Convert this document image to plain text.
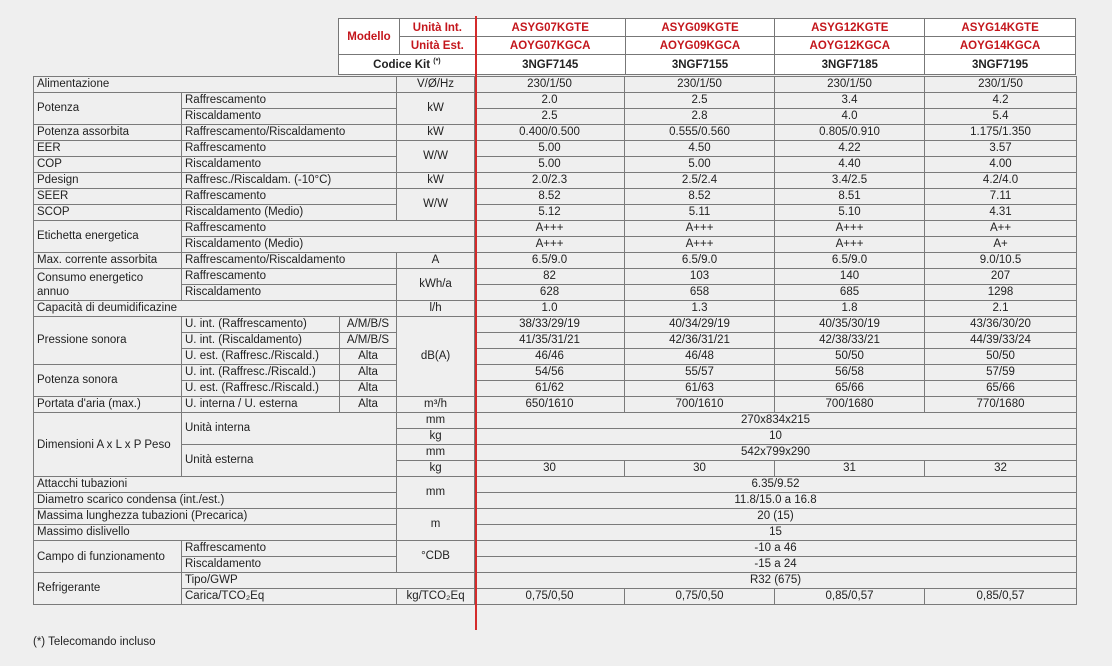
Modello	Unità Int.	ASYG07KGTE	ASYG09KGTE	ASYG12KGTE	ASYG14KGTE
	Unità Est.	AOYG07KGCA	AOYG09KGCA	AOYG12KGCA	AOYG14KGCA
Codice Kit (*)		3NGF7145	3NGF7155	3NGF7185	3NGF7195
Alimentazione			V/Ø/Hz	230/1/50	230/1/50	230/1/50	230/1/50
Potenza	Raffrescamento		kW	2.0	2.5	3.4	4.2
	Riscaldamento			2.5	2.8	4.0	5.4
Potenza assorbita	Raffrescamento/Riscaldamento		kW	0.400/0.500	0.555/0.560	0.805/0.910	1.175/1.350
EER	Raffrescamento		W/W	5.00	4.50	4.22	3.57
COP	Riscaldamento			5.00	5.00	4.40	4.00
Pdesign	Raffresc./Riscaldam. (-10°C)		kW	2.0/2.3	2.5/2.4	3.4/2.5	4.2/4.0
SEER	Raffrescamento		W/W	8.52	8.52	8.51	7.11
SCOP	Riscaldamento (Medio)			5.12	5.11	5.10	4.31
Etichetta energetica	Raffrescamento			A+++	A+++	A+++	A++
	Riscaldamento (Medio)			A+++	A+++	A+++	A+
Max. corrente assorbita	Raffrescamento/Riscaldamento		A	6.5/9.0	6.5/9.0	6.5/9.0	9.0/10.5
Consumo energetico annuo	Raffrescamento		kWh/a	82	103	140	207
	Riscaldamento			628	658	685	1298
Capacità di deumidificazine			l/h	1.0	1.3	1.8	2.1
Pressione sonora	U. int. (Raffrescamento)	A/M/B/S	dB(A)	38/33/29/19	40/34/29/19	40/35/30/19	43/36/30/20
	U. int. (Riscaldamento)	A/M/B/S		41/35/31/21	42/36/31/21	42/38/33/21	44/39/33/24
	U. est. (Raffresc./Riscald.)	Alta		46/46	46/48	50/50	50/50
Potenza sonora	U. int. (Raffresc./Riscald.)	Alta		54/56	55/57	56/58	57/59
	U. est. (Raffresc./Riscald.)	Alta		61/62	61/63	65/66	65/66
Portata d'aria (max.)	U. interna / U. esterna	Alta	m³/h	650/1610	700/1610	700/1680	770/1680
Dimensioni A x L x P Peso	Unità interna		mm	270x834x215			
			kg	10			
	Unità esterna		mm	542x799x290			
			kg	30	30	31	32
Attacchi tubazioni			mm	6.35/9.52			
Diametro scarico condensa (int./est.)				11.8/15.0 a 16.8			
Massima lunghezza tubazioni (Precarica)			m	20 (15)			
Massimo dislivello				15			
Campo di funzionamento	Raffrescamento		°CDB	-10 a 46			
	Riscaldamento			-15 a 24			
Refrigerante	Tipo/GWP			R32 (675)			
	Carica/TCO₂Eq		kg/TCO₂Eq	0,75/0,50	0,75/0,50	0,85/0,57	0,85/0,57
(*) Telecomando incluso
